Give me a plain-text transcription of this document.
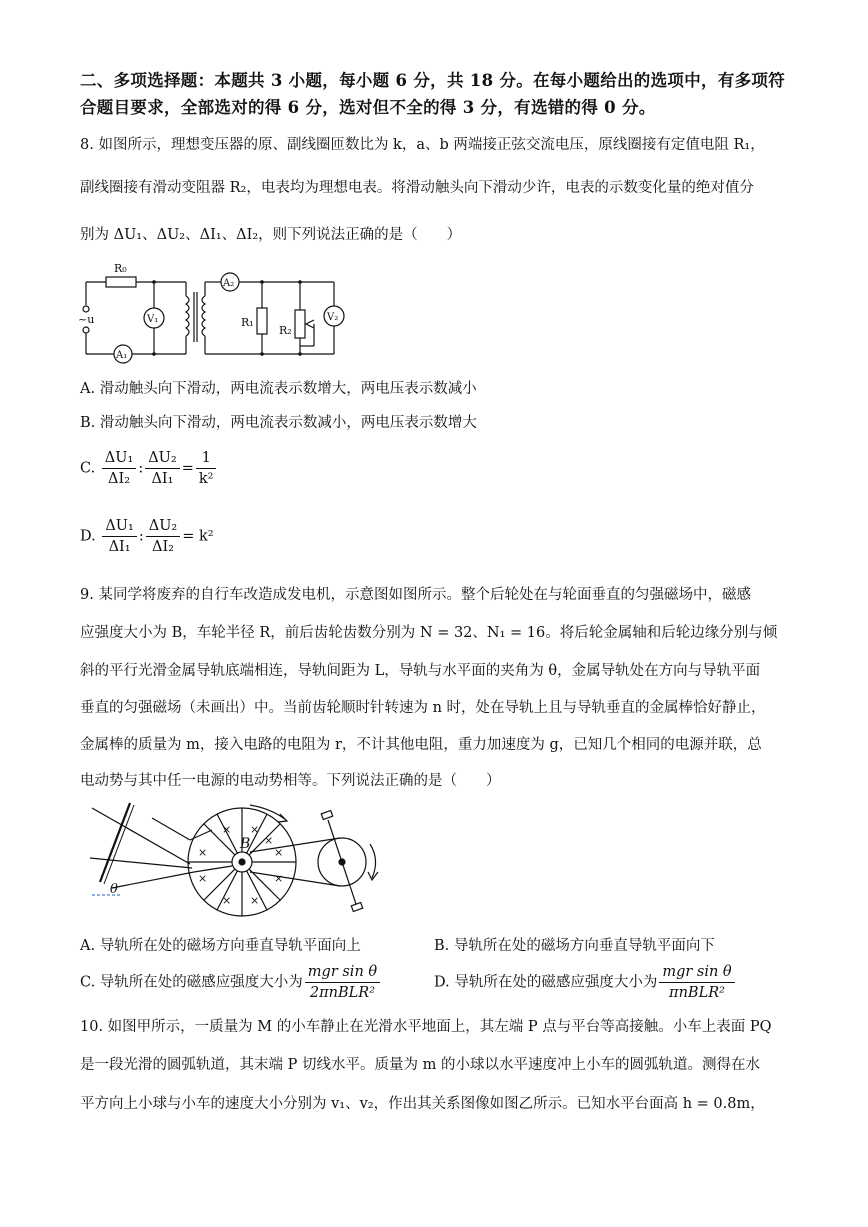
二、多项选择题：本题共 3 小题，每小题 6 分，共 18 分。在每小题给出的选项中，有多项符
合题目要求，全部选对的得 6 分，选对但不全的得 3 分，有选错的得 0 分。
8. 如图所示，理想变压器的原、副线圈匝数比为 k，a、b 两端接正弦交流电压，原线圈接有定值电阻 R₁，
副线圈接有滑动变阻器 R₂，电表均为理想电表。将滑动触头向下滑动少许，电表的示数变化量的绝对值分
别为 ΔU₁、ΔU₂、ΔI₁、ΔI₂，则下列说法正确的是（　　）
R₀
V₁
A₁
~u
A₂
R₁
R₂
V₂
A. 滑动触头向下滑动，两电流表示数增大，两电压表示数减小
B. 滑动触头向下滑动，两电流表示数减小，两电压表示数增大
C. $\frac{\text{ΔU₁}}{\text{ΔI₂}}$ : $\frac{\text{ΔU₂}}{\text{ΔI₁}} = \frac{1}{\text{k²}}$
D. $\frac{\text{ΔU₁}}{\text{ΔI₁}}$ : $\frac{\text{ΔU₂}}{\text{ΔI₂}} = k^2$
9. 某同学将废弃的自行车改造成发电机，示意图如图所示。整个后轮处在与轮面垂直的匀强磁场中，磁感
应强度大小为 B，车轮半径 R，前后齿轮齿数分别为 N = 32、N₁ = 16。将后轮金属轴和后轮边缘分别与倾
斜的平行光滑金属导轨底端相连，导轨间距为 L，导轨与水平面的夹角为 θ，金属导轨处在方向与导轨平面
垂直的匀强磁场（未画出）中。当前齿轮顺时针转速为 n 时，处在导轨上且与导轨垂直的金属棒恰好静止，
金属棒的质量为 m，接入电路的电阻为 r，不计其他电阻，重力加速度为 g，已知几个相同的电源并联，总
电动势与其中任一电源的电动势相等。下列说法正确的是（　　）
× ×
×	×
×	×
× ×
×
B
θ
A. 导轨所在处的磁场方向垂直导轨平面向上	B. 导轨所在处的磁场方向垂直导轨平面向下
C. 导轨所在处的磁感应强度大小为 $\frac{\text{mgr sin θ}}{\text{2πnBLR²}}$	D. 导轨所在处的磁感应强度大小为 $\frac{\text{mgr sin θ}}{\text{πnBLR²}}$
10. 如图甲所示，一质量为 M 的小车静止在光滑水平地面上，其左端 P 点与平台等高接触。小车上表面 PQ
是一段光滑的圆弧轨道，其末端 P 切线水平。质量为 m 的小球以水平速度冲上小车的圆弧轨道。测得在水
平方向上小球与小车的速度大小分别为 v₁、v₂，作出其关系图像如图乙所示。已知水平台面高 h = 0.8m，
